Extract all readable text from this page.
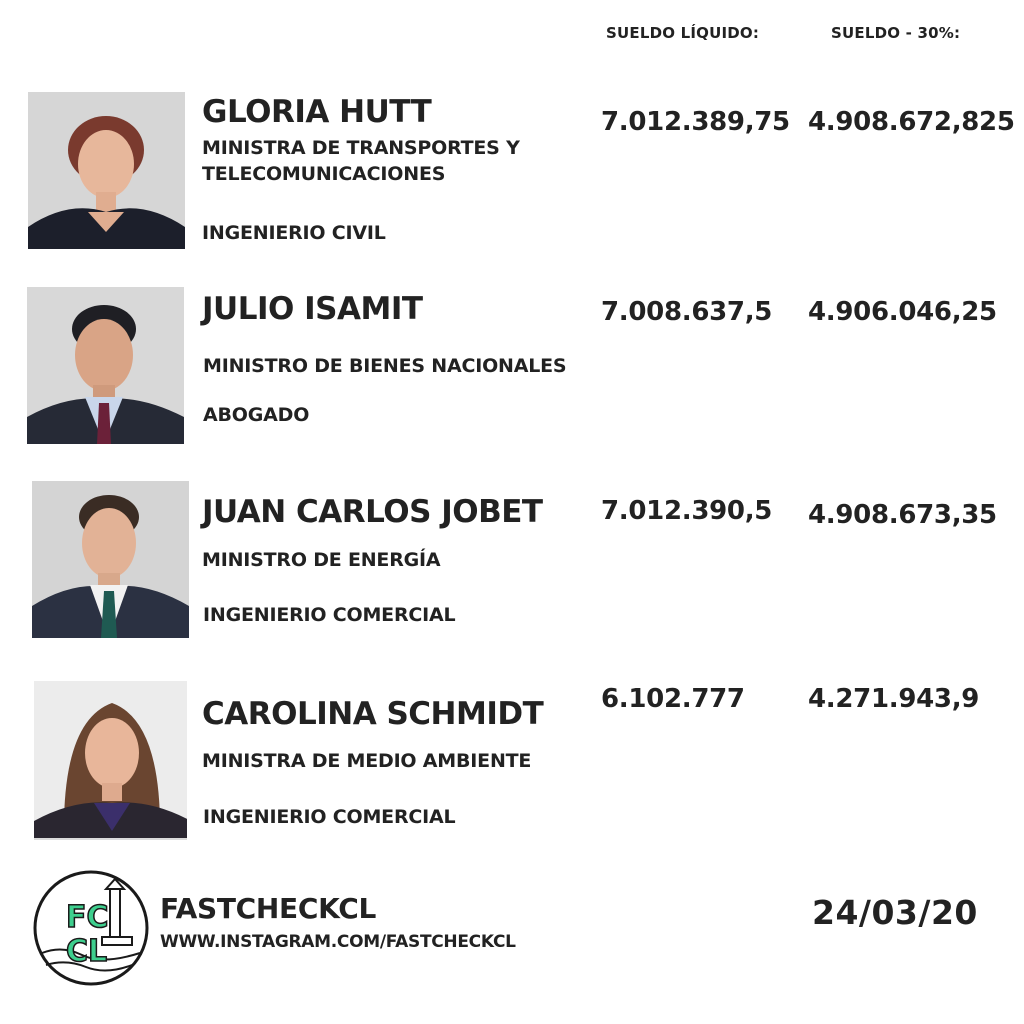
SUELDO LÍQUIDO:	SUELDO - 30%:
GLORIA HUTT
MINISTRA DE TRANSPORTES Y TELECOMUNICACIONES
INGENIERIO CIVIL
7.012.389,75 4.908.672,825
JULIO ISAMIT
MINISTRO DE BIENES NACIONALES
ABOGADO
7.008.637,5 4.906.046,25
JUAN CARLOS JOBET
MINISTRO DE ENERGÍA
INGENIERIO COMERCIAL
7.012.390,5 4.908.673,35
CAROLINA SCHMIDT
MINISTRA DE MEDIO AMBIENTE
INGENIERIO COMERCIAL
6.102.777 4.271.943,9
FC
CL
FASTCHECKCL
WWW.INSTAGRAM.COM/FASTCHECKCL
24/03/20
